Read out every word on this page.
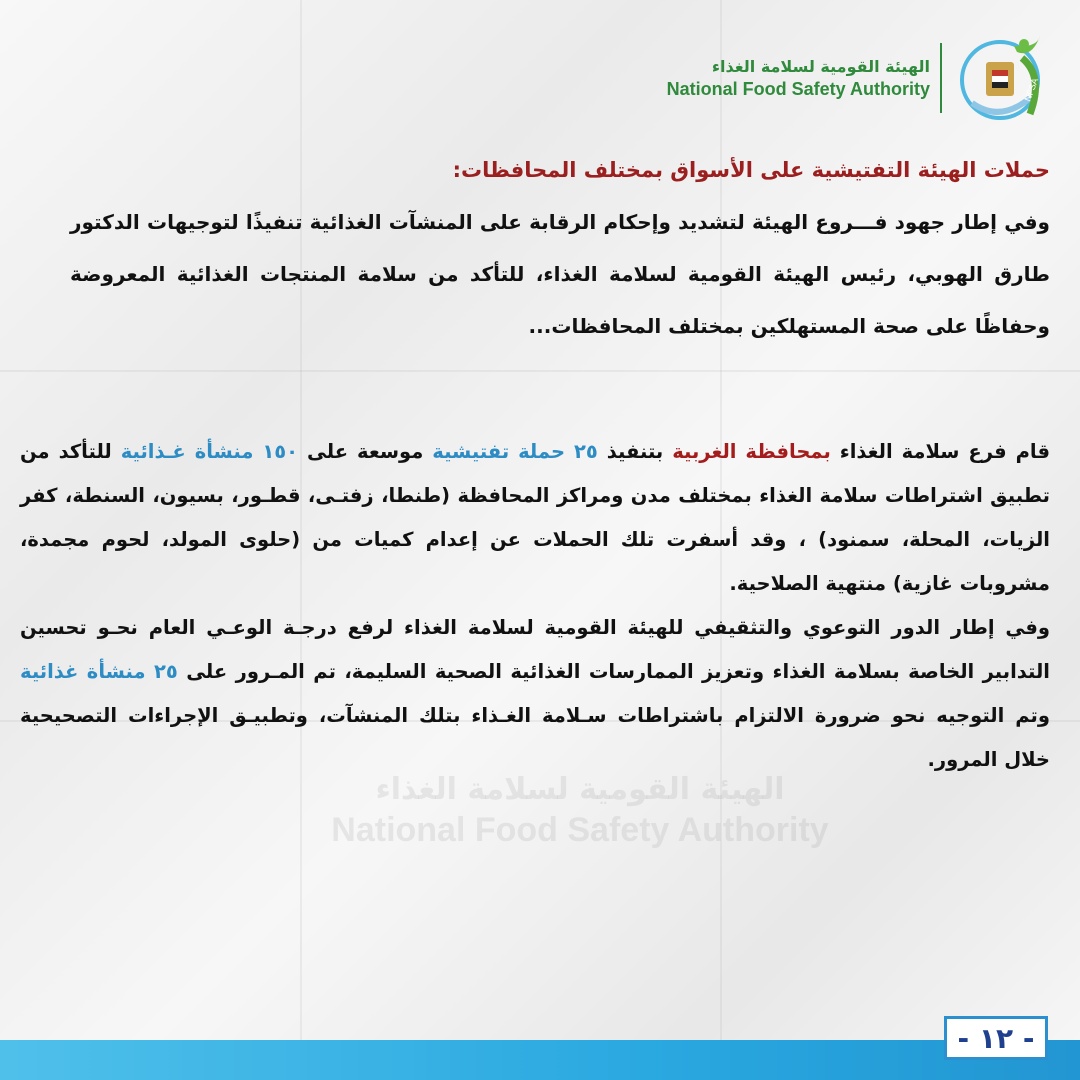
الهيئة القومية لسلامة الغذاء
National Food Safety Authority	NFSA
حملات الهيئة التفتيشية على الأسواق بمختلف المحافظات:
وفي إطار جهود فـــروع الهيئة لتشديد وإحكام الرقابة على المنشآت الغذائية تنفيذًا لتوجيهات الدكتور طارق الهوبي، رئيس الهيئة القومية لسلامة الغذاء، للتأكد من سلامة المنتجات الغذائية المعروضة وحفاظًا على صحة المستهلكين بمختلف المحافظات...
الهيئة القومية لسلامة الغذاء
National Food Safety Authority

قام فرع سلامة الغذاء بمحافظة الغربية بتنفيذ ٢٥ حملة تفتيشية موسعة على ١٥٠ منشأة غـذائية للتأكد من تطبيق اشتراطات سلامة الغذاء بمختلف مدن ومراكز المحافظة (طنطا، زفتـى، قطـور، بسيون، السنطة، كفر الزيات، المحلة، سمنود) ، وقد أسفرت تلك الحملات عن إعدام كميات من (حلوى المولد، لحوم مجمدة، مشروبات غازية) منتهية الصلاحية.

وفي إطار الدور التوعوي والتثقيفي للهيئة القومية لسلامة الغذاء لرفع درجـة الوعـي العام نحـو تحسين التدابير الخاصة بسلامة الغذاء وتعزيز الممارسات الغذائية الصحية السليمة، تم المـرور على ٢٥ منشأة غذائية وتم التوجيه نحو ضرورة الالتزام باشتراطات سـلامة الغـذاء بتلك المنشآت، وتطبيـق الإجراءات التصحيحية خلال المرور.

- ١٢ -
